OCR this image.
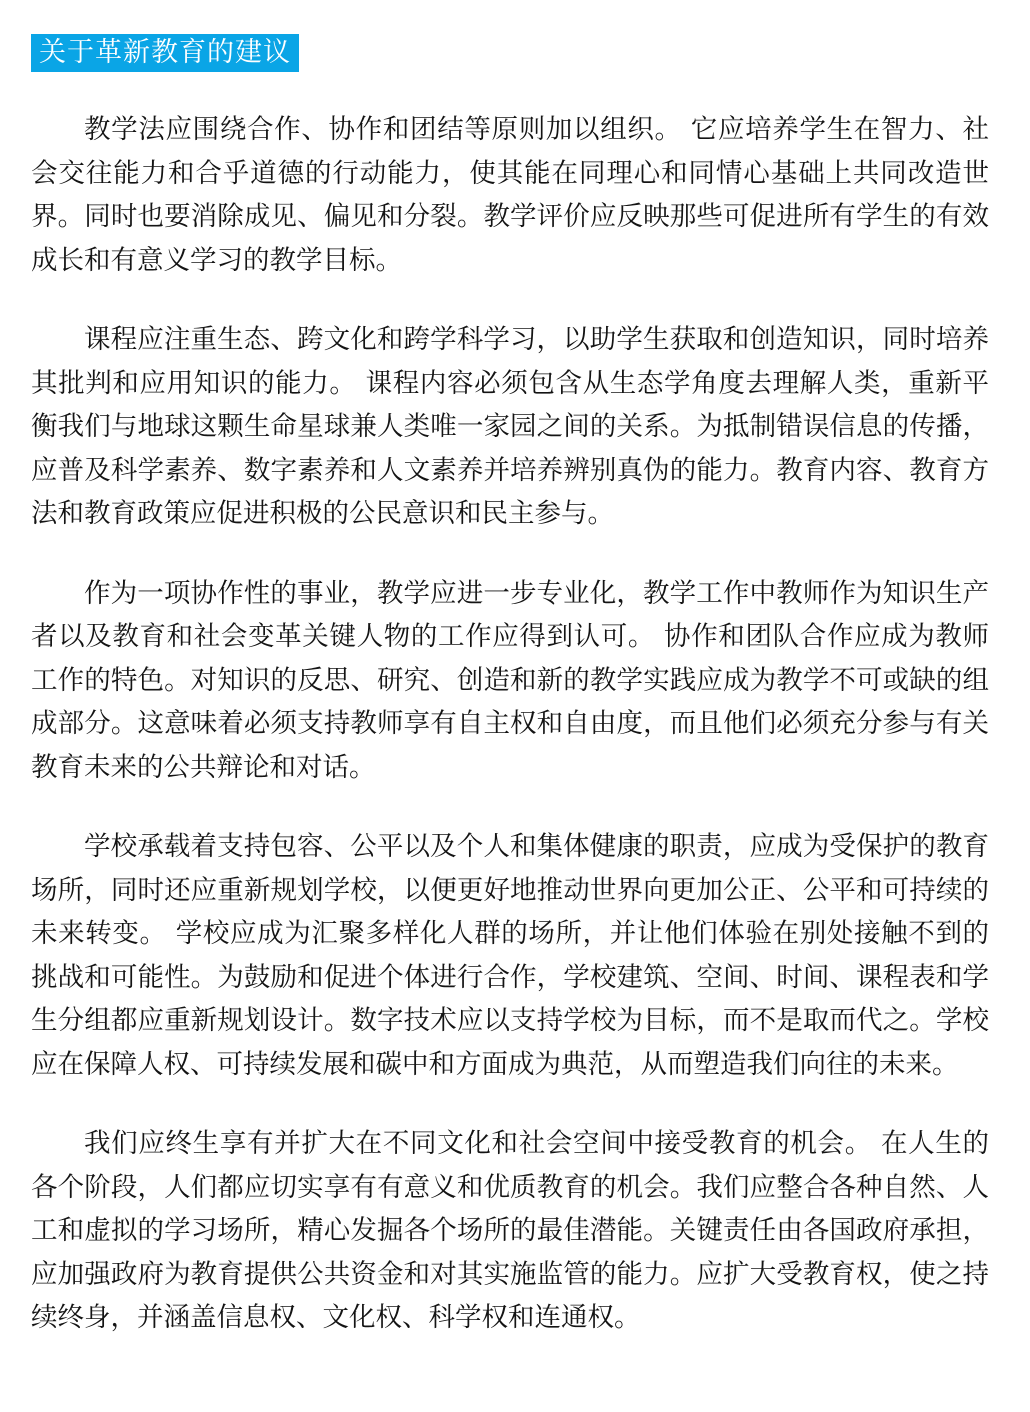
关于革新教育的建议

教学法应围绕合作、协作和团结等原则加以组织。 它应培养学生在智力、社会交往能力和合乎道德的行动能力，使其能在同理心和同情心基础上共同改造世界。同时也要消除成见、偏见和分裂。教学评价应反映那些可促进所有学生的有效成长和有意义学习的教学目标。

课程应注重生态、跨文化和跨学科学习，以助学生获取和创造知识，同时培养其批判和应用知识的能力。 课程内容必须包含从生态学角度去理解人类，重新平衡我们与地球这颗生命星球兼人类唯一家园之间的关系。为抵制错误信息的传播，应普及科学素养、数字素养和人文素养并培养辨别真伪的能力。教育内容、教育方法和教育政策应促进积极的公民意识和民主参与。

作为一项协作性的事业，教学应进一步专业化，教学工作中教师作为知识生产者以及教育和社会变革关键人物的工作应得到认可。 协作和团队合作应成为教师工作的特色。对知识的反思、研究、创造和新的教学实践应成为教学不可或缺的组成部分。这意味着必须支持教师享有自主权和自由度，而且他们必须充分参与有关教育未来的公共辩论和对话。

学校承载着支持包容、公平以及个人和集体健康的职责，应成为受保护的教育场所，同时还应重新规划学校，以便更好地推动世界向更加公正、公平和可持续的未来转变。 学校应成为汇聚多样化人群的场所，并让他们体验在别处接触不到的挑战和可能性。为鼓励和促进个体进行合作，学校建筑、空间、时间、课程表和学生分组都应重新规划设计。数字技术应以支持学校为目标，而不是取而代之。学校应在保障人权、可持续发展和碳中和方面成为典范，从而塑造我们向往的未来。

我们应终生享有并扩大在不同文化和社会空间中接受教育的机会。 在人生的各个阶段，人们都应切实享有有意义和优质教育的机会。我们应整合各种自然、人工和虚拟的学习场所，精心发掘各个场所的最佳潜能。关键责任由各国政府承担，应加强政府为教育提供公共资金和对其实施监管的能力。应扩大受教育权，使之持续终身，并涵盖信息权、文化权、科学权和连通权。
